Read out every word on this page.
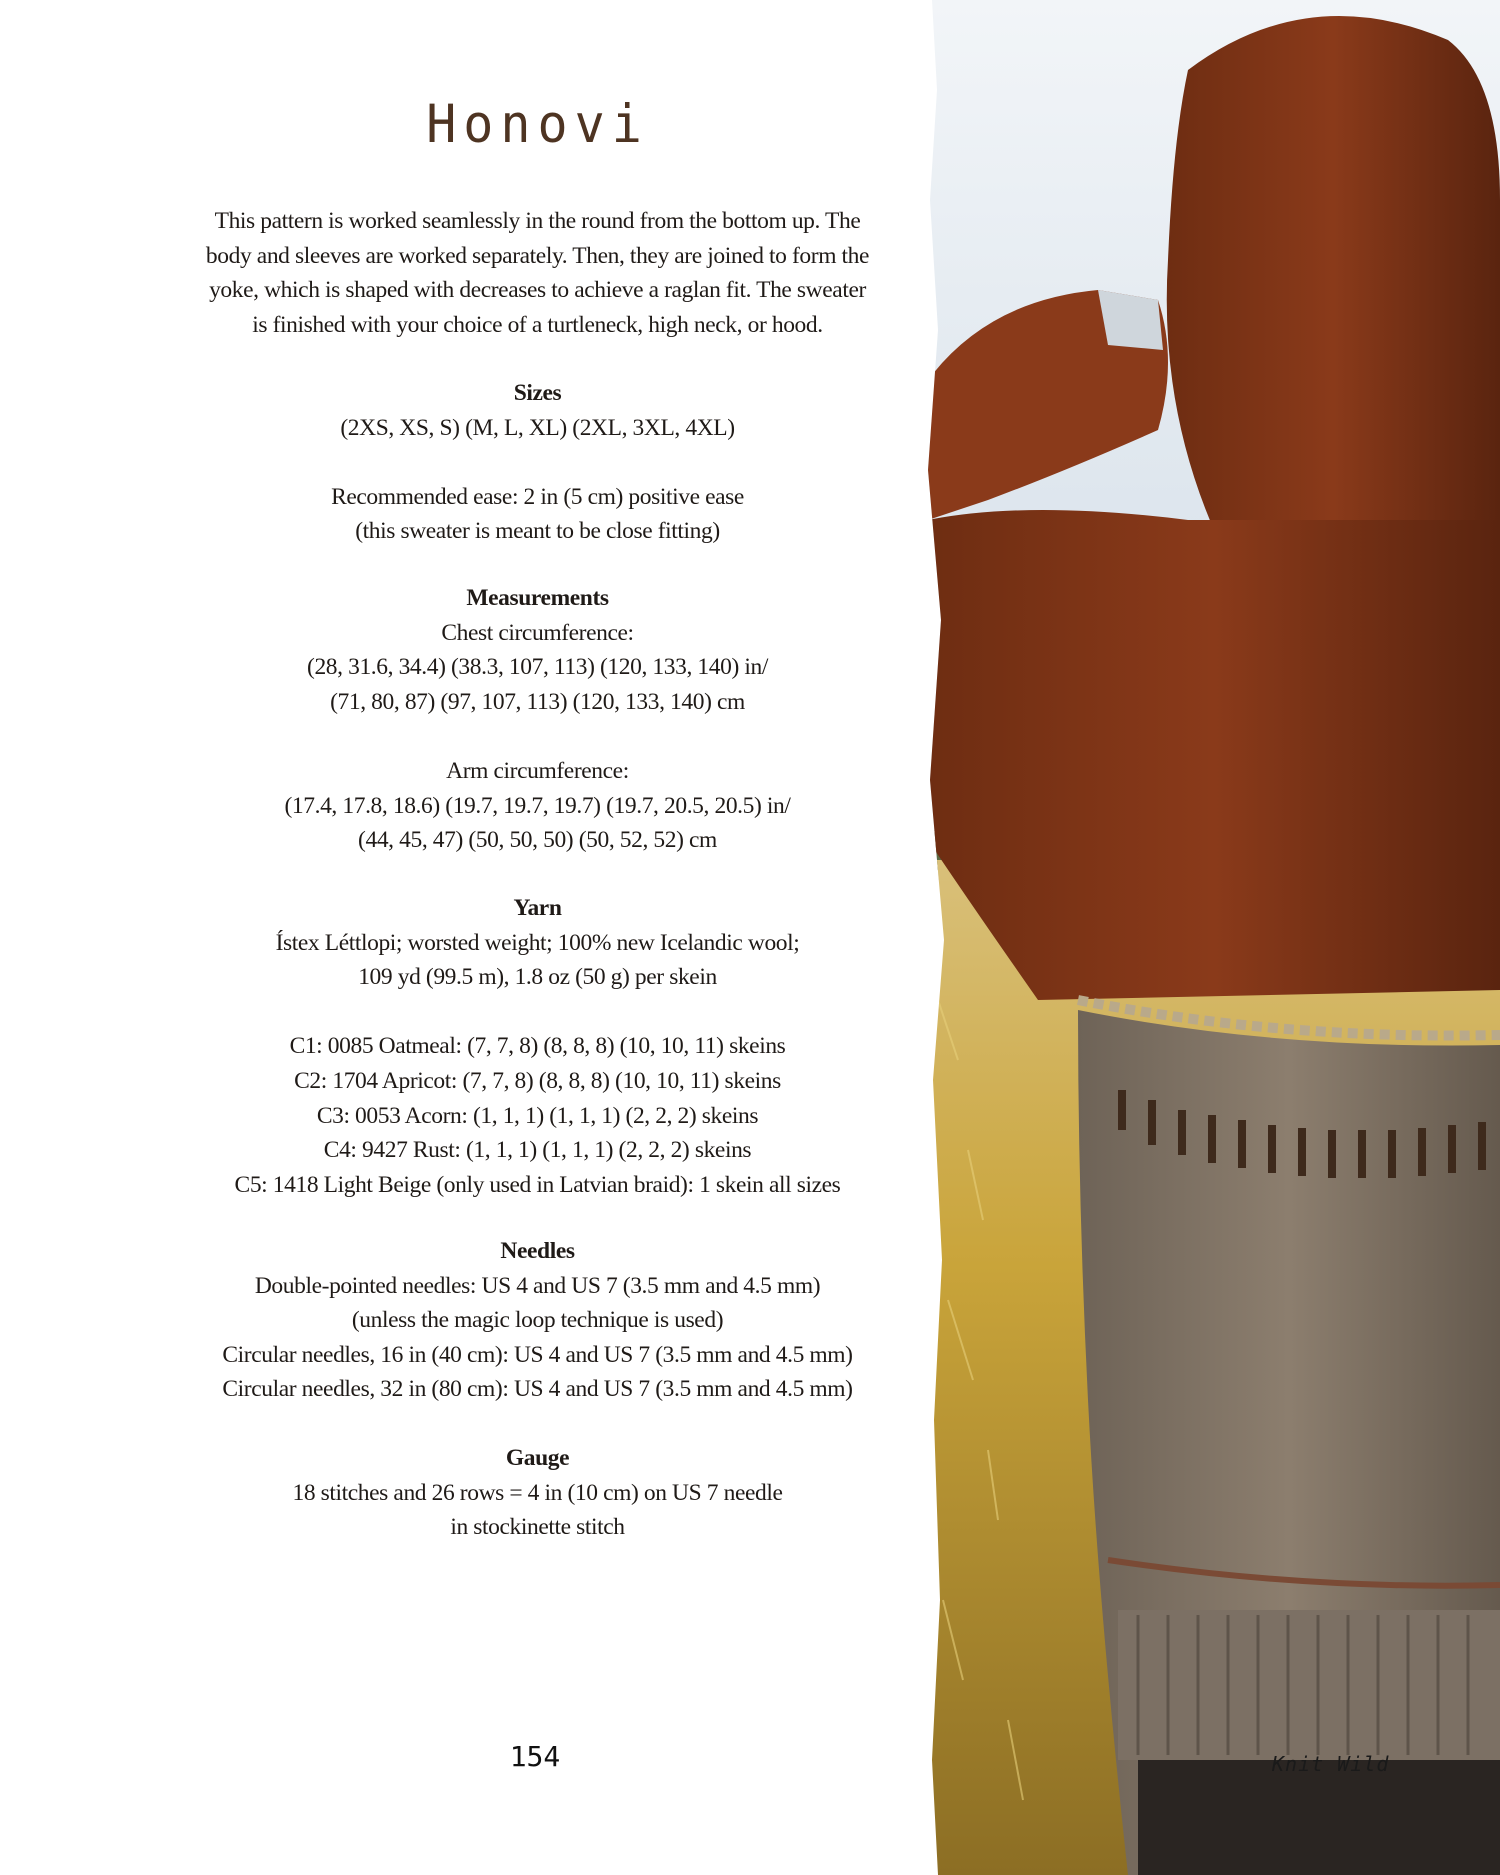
Honovi
This pattern is worked seamlessly in the round from the bottom up. The
body and sleeves are worked separately. Then, they are joined to form the
yoke, which is shaped with decreases to achieve a raglan fit. The sweater
is finished with your choice of a turtleneck, high neck, or hood.
Sizes
(2XS, XS, S) (M, L, XL) (2XL, 3XL, 4XL)
Recommended ease: 2 in (5 cm) positive ease
(this sweater is meant to be close fitting)
Measurements
Chest circumference:
(28, 31.6, 34.4) (38.3, 107, 113) (120, 133, 140) in/
(71, 80, 87) (97, 107, 113) (120, 133, 140) cm
Arm circumference:
(17.4, 17.8, 18.6) (19.7, 19.7, 19.7) (19.7, 20.5, 20.5) in/
(44, 45, 47) (50, 50, 50) (50, 52, 52) cm
Yarn
Ístex Léttlopi; worsted weight; 100% new Icelandic wool;
109 yd (99.5 m), 1.8 oz (50 g) per skein
C1: 0085 Oatmeal: (7, 7, 8) (8, 8, 8) (10, 10, 11) skeins
C2: 1704 Apricot: (7, 7, 8) (8, 8, 8) (10, 10, 11) skeins
C3: 0053 Acorn: (1, 1, 1) (1, 1, 1) (2, 2, 2) skeins
C4: 9427 Rust: (1, 1, 1) (1, 1, 1) (2, 2, 2) skeins
C5: 1418 Light Beige (only used in Latvian braid): 1 skein all sizes
Needles
Double-pointed needles: US 4 and US 7 (3.5 mm and 4.5 mm)
(unless the magic loop technique is used)
Circular needles, 16 in (40 cm): US 4 and US 7 (3.5 mm and 4.5 mm)
Circular needles, 32 in (80 cm): US 4 and US 7 (3.5 mm and 4.5 mm)
Gauge
18 stitches and 26 rows = 4 in (10 cm) on US 7 needle
in stockinette stitch
154	Knit Wild
